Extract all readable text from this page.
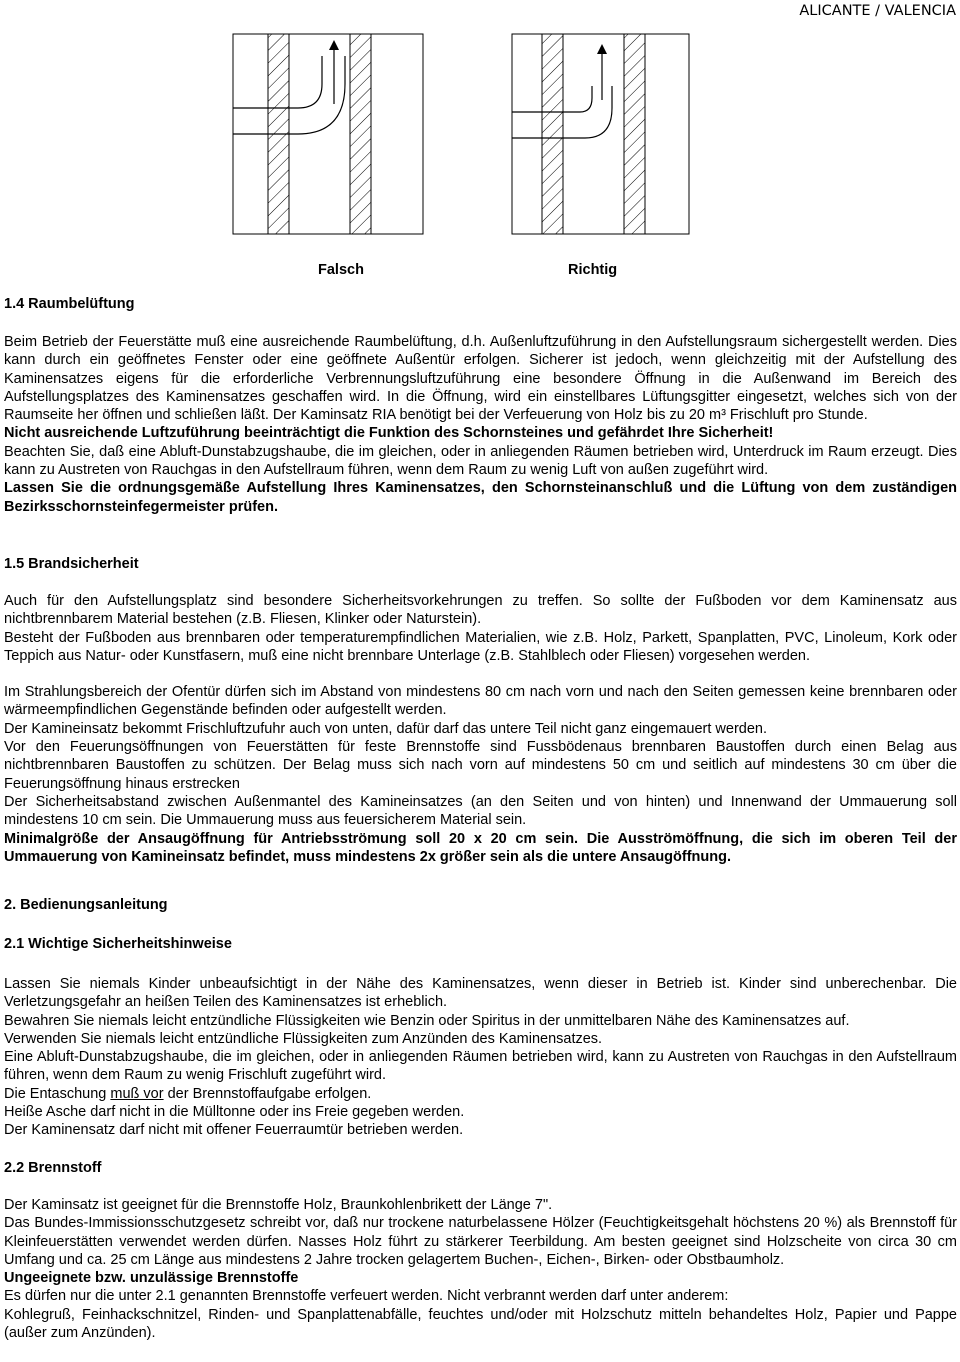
ALICANTE / VALENCIA
Falsch	Richtig

1.4 Raumbelüftung

Beim Betrieb der Feuerstätte muß eine ausreichende Raumbelüftung, d.h. Außenluftzuführung in den Aufstellungsraum sichergestellt werden. Dies kann durch ein geöffnetes Fenster oder eine geöffnete Außentür erfolgen. Sicherer ist jedoch, wenn gleichzeitig mit der Aufstellung des Kaminensatzes eigens für die erforderliche Verbrennungsluftzuführung eine besondere Öffnung in die Außenwand im Bereich des Aufstellungsplatzes des Kaminensatzes geschaffen wird. In die Öffnung, wird ein einstellbares Lüftungsgitter eingesetzt, welches sich von der Raumseite her öffnen und schließen läßt. Der Kaminsatz RIA benötigt bei der Verfeuerung von Holz bis zu 20 m³ Frischluft pro Stunde.

Nicht ausreichende Luftzuführung beeinträchtigt die Funktion des Schornsteines und gefährdet Ihre Sicherheit!

Beachten Sie, daß eine Abluft-Dunstabzugshaube, die im gleichen, oder in anliegenden Räumen betrieben wird, Unterdruck im Raum erzeugt. Dies kann zu Austreten von Rauchgas in den Aufstellraum führen, wenn dem Raum zu wenig Luft von außen zugeführt wird.

Lassen Sie die ordnungsgemäße Aufstellung Ihres Kaminensatzes, den Schornsteinanschluß und die Lüftung von dem zuständigen Bezirksschornsteinfegermeister prüfen.

1.5 Brandsicherheit

Auch für den Aufstellungsplatz sind besondere Sicherheitsvorkehrungen zu treffen. So sollte der Fußboden vor dem Kaminensatz aus nichtbrennbarem Material bestehen (z.B. Fliesen, Klinker oder Naturstein).

Besteht der Fußboden aus brennbaren oder temperaturempfindlichen Materialien, wie z.B. Holz, Parkett, Spanplatten, PVC, Linoleum, Kork oder Teppich aus Natur- oder Kunstfasern, muß eine nicht brennbare Unterlage (z.B. Stahlblech oder Fliesen) vorgesehen werden.

Im Strahlungsbereich der Ofentür dürfen sich im Abstand von mindestens 80 cm nach vorn und nach den Seiten gemessen keine brennbaren oder wärmeempfindlichen Gegenstände befinden oder aufgestellt werden.

Der Kamineinsatz bekommt Frischluftzufuhr auch von unten, dafür darf das untere Teil nicht ganz eingemauert werden.

Vor den Feuerungsöffnungen von Feuerstätten für feste Brennstoffe sind Fussbödenaus brennbaren Baustoffen durch einen Belag aus nichtbrennbaren Baustoffen zu schützen. Der Belag muss sich nach vorn auf mindestens 50 cm und seitlich auf mindestens 30 cm über die Feuerungsöffnung hinaus erstrecken

Der Sicherheitsabstand zwischen Außenmantel des Kamineinsatzes (an den Seiten und von hinten) und Innenwand der Ummauerung soll mindestens 10 cm sein. Die Ummauerung muss aus feuersicherem Material sein.

Minimalgröße der Ansaugöffnung für Antriebsströmung soll 20 x 20 cm sein. Die Ausströmöffnung, die sich im oberen Teil der Ummauerung von Kamineinsatz befindet, muss mindestens 2x größer sein als die untere Ansaugöffnung.

2. Bedienungsanleitung

2.1 Wichtige Sicherheitshinweise

Lassen Sie niemals Kinder unbeaufsichtigt in der Nähe des Kaminensatzes, wenn dieser in Betrieb ist. Kinder sind unberechenbar. Die Verletzungsgefahr an heißen Teilen des Kaminensatzes ist erheblich.

Bewahren Sie niemals leicht entzündliche Flüssigkeiten wie Benzin oder Spiritus in der unmittelbaren Nähe des Kaminensatzes auf.

Verwenden Sie niemals leicht entzündliche Flüssigkeiten zum Anzünden des Kaminensatzes.

Eine Abluft-Dunstabzugshaube, die im gleichen, oder in anliegenden Räumen betrieben wird, kann zu Austreten von Rauchgas in den Aufstellraum führen, wenn dem Raum zu wenig Frischluft zugeführt wird.

Die Entaschung muß vor der Brennstoffaufgabe erfolgen.

Heiße Asche darf nicht in die Mülltonne oder ins Freie gegeben werden.

Der Kaminensatz darf nicht mit offener Feuerraumtür betrieben werden.

2.2 Brennstoff

Der Kaminsatz ist geeignet für die Brennstoffe Holz, Braunkohlenbrikett der Länge 7".

Das Bundes-Immissionsschutzgesetz schreibt vor, daß nur trockene naturbelassene Hölzer (Feuchtigkeitsgehalt höchstens 20 %) als Brennstoff für Kleinfeuerstätten verwendet werden dürfen. Nasses Holz führt zu stärkerer Teerbildung. Am besten geeignet sind Holzscheite von circa 30 cm Umfang und ca. 25 cm Länge aus mindestens 2 Jahre trocken gelagertem Buchen-, Eichen-, Birken- oder Obstbaumholz.

Ungeeignete bzw. unzulässige Brennstoffe

Es dürfen nur die unter 2.1 genannten Brennstoffe verfeuert werden. Nicht verbrannt werden darf unter anderem:

Kohlegruß, Feinhackschnitzel, Rinden- und Spanplattenabfälle, feuchtes und/oder mit Holzschutz mitteln behandeltes Holz, Papier und Pappe (außer zum Anzünden).
